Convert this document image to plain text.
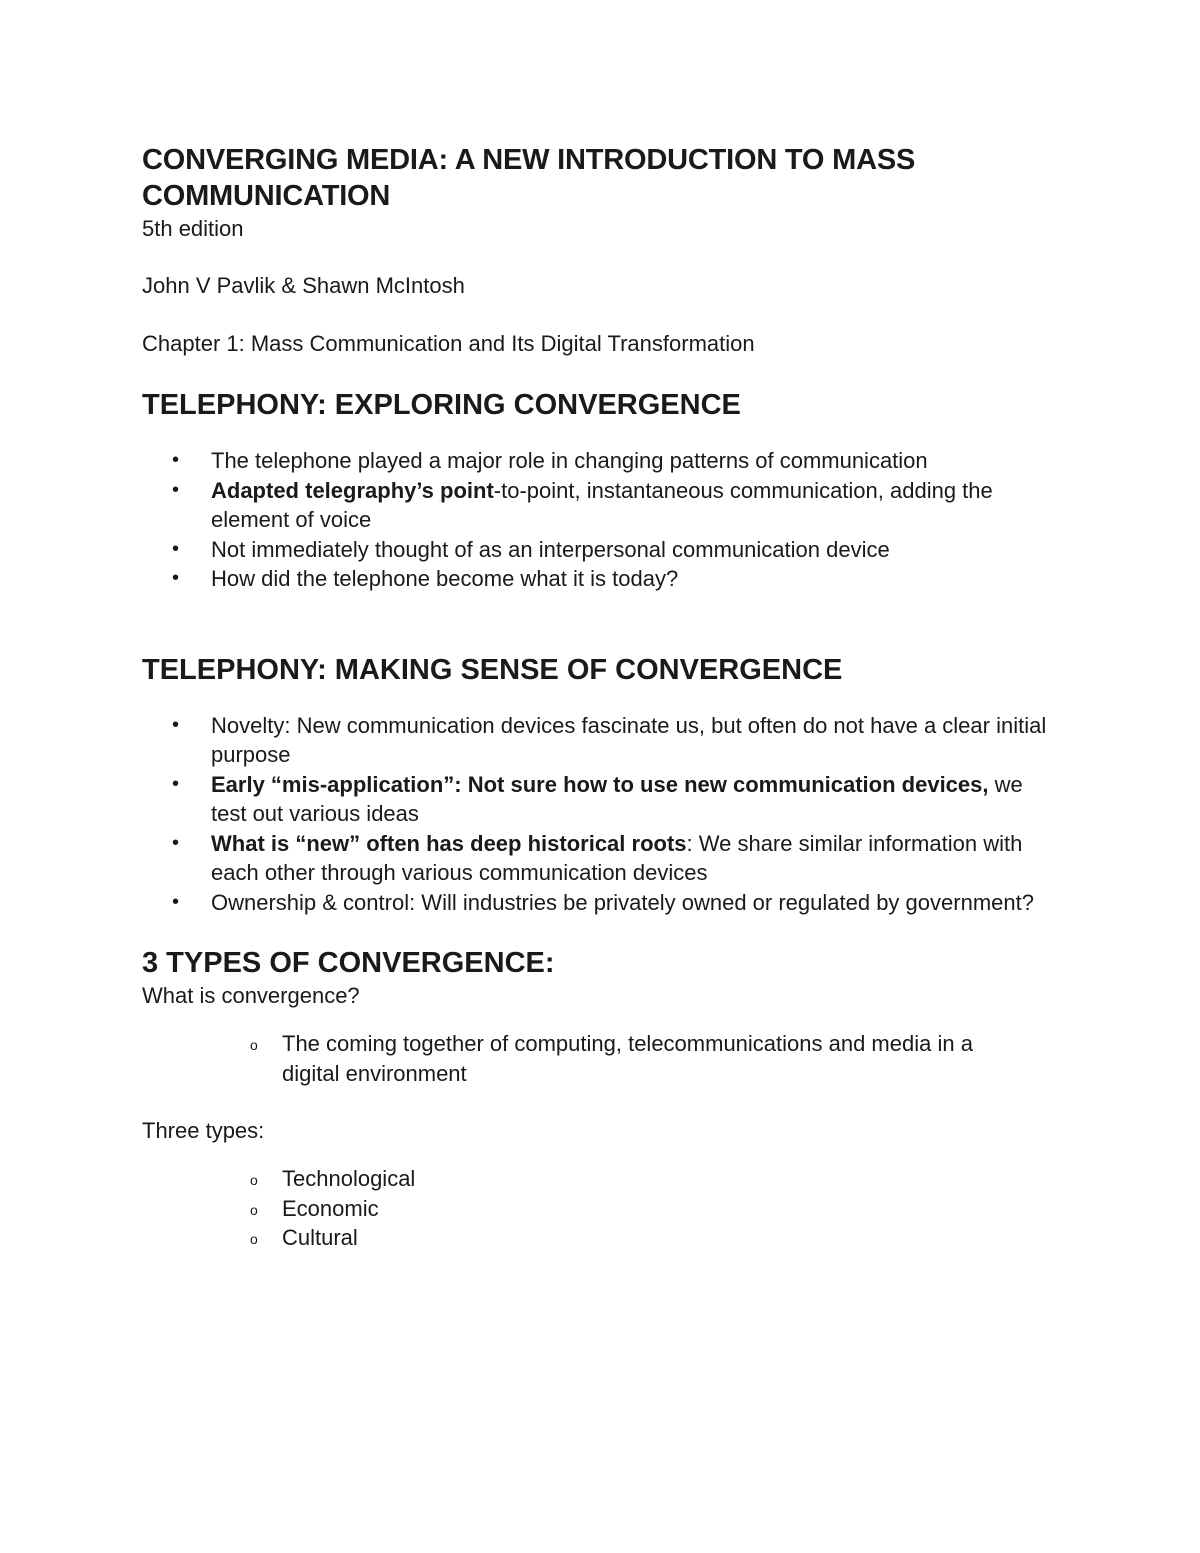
CONVERGING MEDIA: A NEW INTRODUCTION TO MASS
COMMUNICATION

5th edition

John V Pavlik & Shawn McIntosh

Chapter 1: Mass Communication and Its Digital Transformation

TELEPHONY: EXPLORING CONVERGENCE
• The telephone played a major role in changing patterns of communication
• Adapted telegraphy’s point-to-point, instantaneous communication, adding the element of voice
• Not immediately thought of as an interpersonal communication device
• How did the telephone become what it is today?
TELEPHONY: MAKING SENSE OF CONVERGENCE
• Novelty: New communication devices fascinate us, but often do not have a clear initial purpose
• Early “mis-application”: Not sure how to use new communication devices, we test out various ideas
• What is “new” often has deep historical roots: We share similar information with each other through various communication devices
• Ownership & control: Will industries be privately owned or regulated by government?
3 TYPES OF CONVERGENCE:

What is convergence?

o The coming together of computing, telecommunications and media in a digital environment

Three types:

o Technological
o Economic
o Cultural
